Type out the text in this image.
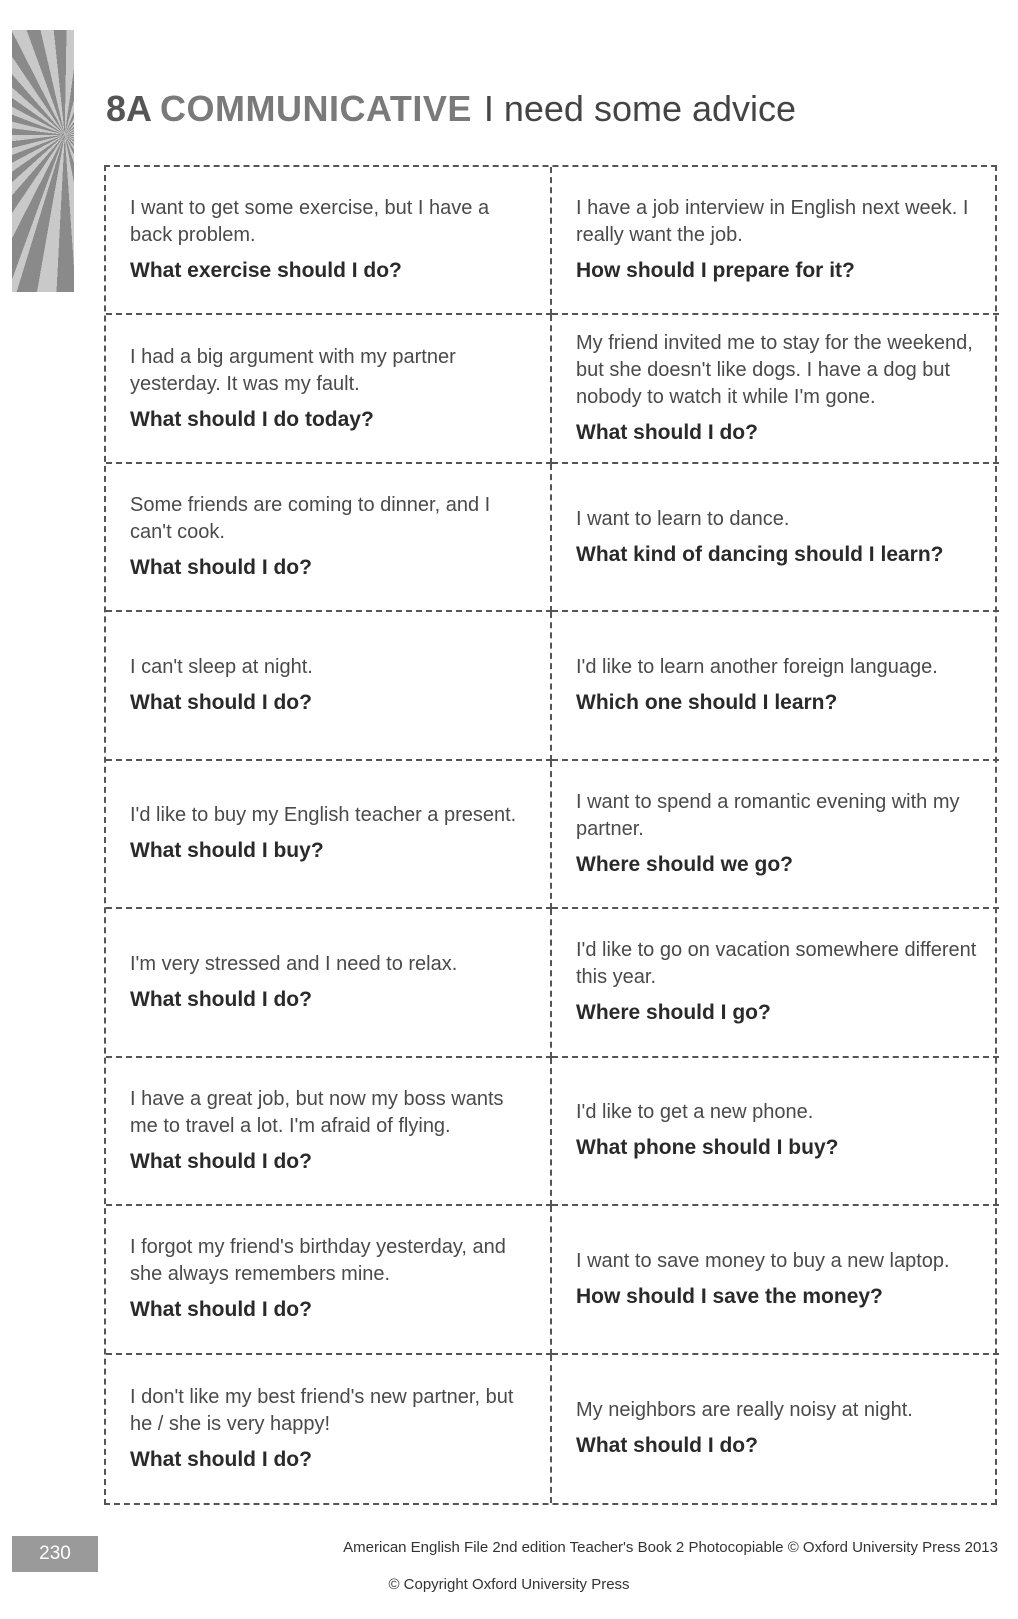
8A COMMUNICATIVE I need some advice
I want to get some exercise, but I have a back problem.
What exercise should I do?
I have a job interview in English next week. I really want the job.
How should I prepare for it?
I had a big argument with my partner yesterday. It was my fault.
What should I do today?
My friend invited me to stay for the weekend, but she doesn't like dogs. I have a dog but nobody to watch it while I'm gone.
What should I do?
Some friends are coming to dinner, and I can't cook.
What should I do?
I want to learn to dance.
What kind of dancing should I learn?
I can't sleep at night.
What should I do?
I'd like to learn another foreign language.
Which one should I learn?
I'd like to buy my English teacher a present.
What should I buy?
I want to spend a romantic evening with my partner.
Where should we go?
I'm very stressed and I need to relax.
What should I do?
I'd like to go on vacation somewhere different this year.
Where should I go?
I have a great job, but now my boss wants me to travel a lot. I'm afraid of flying.
What should I do?
I'd like to get a new phone.
What phone should I buy?
I forgot my friend's birthday yesterday, and she always remembers mine.
What should I do?
I want to save money to buy a new laptop.
How should I save the money?
I don't like my best friend's new partner, but he / she is very happy!
What should I do?
My neighbors are really noisy at night.
What should I do?
230	American English File 2nd edition Teacher's Book 2 Photocopiable © Oxford University Press 2013
© Copyright Oxford University Press
